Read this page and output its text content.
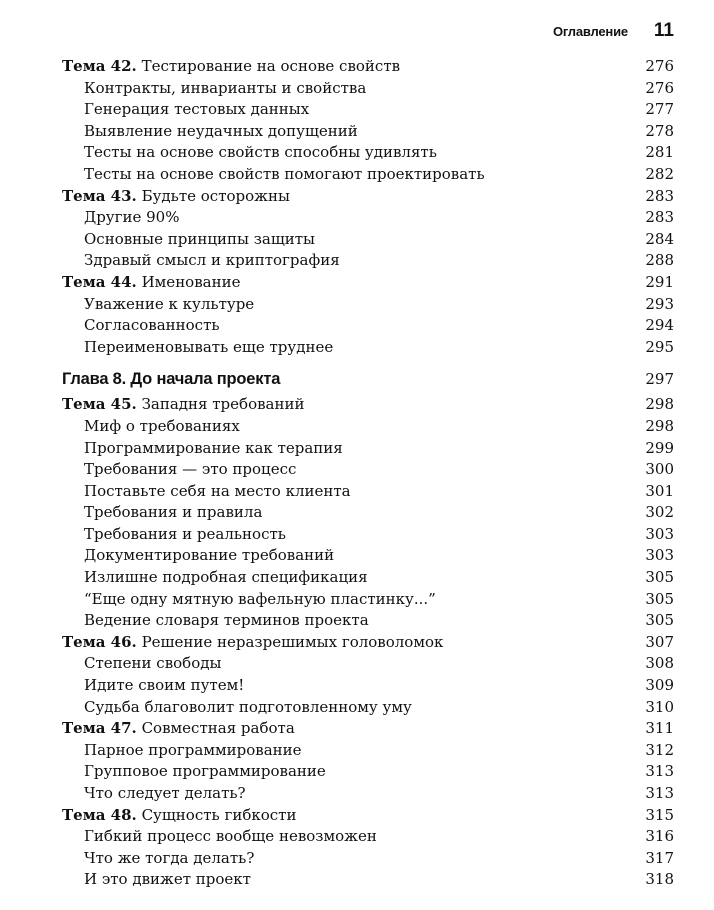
Оглавление 11
Тема 42. Тестирование на основе свойств	276
Контракты, инварианты и свойства	276
Генерация тестовых данных	277
Выявление неудачных допущений	278
Тесты на основе свойств способны удивлять	281
Тесты на основе свойств помогают проектировать	282
Тема 43. Будьте осторожны	283
Другие 90%	283
Основные принципы защиты	284
Здравый смысл и криптография	288
Тема 44. Именование	291
Уважение к культуре	293
Согласованность	294
Переименовывать еще труднее	295
Глава 8. До начала проекта	297
Тема 45. Западня требований	298
Миф о требованиях	298
Программирование как терапия	299
Требования — это процесс	300
Поставьте себя на место клиента	301
Требования и правила	302
Требования и реальность	303
Документирование требований	303
Излишне подробная спецификация	305
“Еще одну мятную вафельную пластинку...”	305
Ведение словаря терминов проекта	305
Тема 46. Решение неразрешимых головоломок	307
Степени свободы	308
Идите своим путем!	309
Судьба благоволит подготовленному уму	310
Тема 47. Совместная работа	311
Парное программирование	312
Групповое программирование	313
Что следует делать?	313
Тема 48. Сущность гибкости	315
Гибкий процесс вообще невозможен	316
Что же тогда делать?	317
И это движет проект	318
